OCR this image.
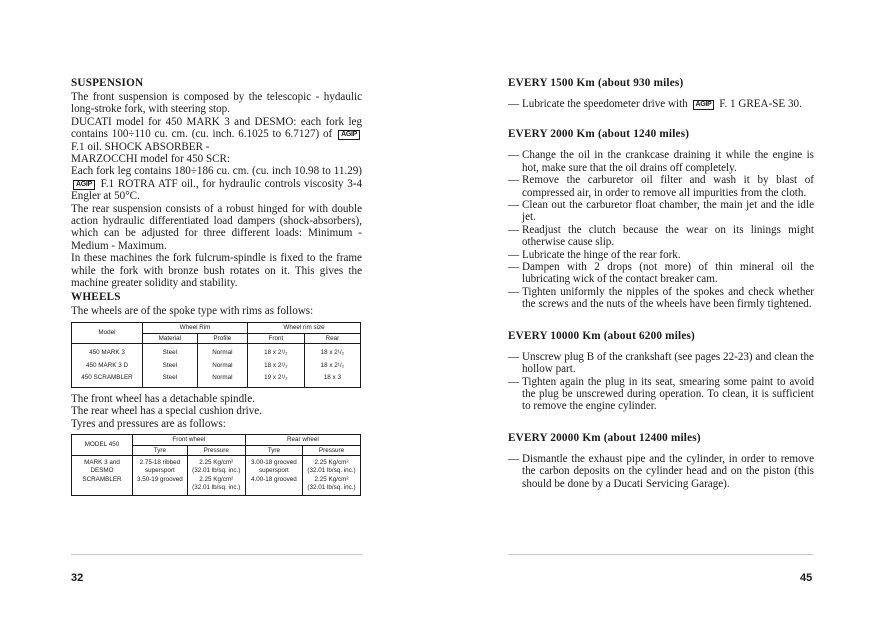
SUSPENSION

The front suspension is composed by the telescopic - hydaulic long-stroke fork, with steering stop.

DUCATI model for 450 MARK 3 and DESMO: each fork leg contains 100÷110 cu. cm. (cu. inch. 6.1025 to 6.7127) of AGIP F.1 oil. SHOCK ABSORBER -

MARZOCCHI model for 450 SCR:

Each fork leg contains 180÷186 cu. cm. (cu. inch 10.98 to 11.29) AGIP F.1 ROTRA ATF oil., for hydraulic controls viscosity 3-4 Engler at 50°C.

The rear suspension consists of a robust hinged for with double action hydraulic differentiated load dampers (shock-absorbers), which can be adjusted for three different loads: Minimum - Medium - Maximum.

In these machines the fork fulcrum-spindle is fixed to the frame while the fork with bronze bush rotates on it. This gives the machine greater solidity and stability.

WHEELS

The wheels are of the spoke type with rims as follows:

Model	Wheel Rim		Wheel rim size	
	Material	Profile	Front	Rear
450 MARK 3	Steel	Normal	18 x 2¹/₂	18 x 2¹/₂
450 MARK 3 D	Steel	Normal	18 x 2¹/₂	18 x 2¹/₂
450 SCRAMBLER	Steel	Normal	19 x 2¹/₂	18 x 3

The front wheel has a detachable spindle.

The rear wheel has a special cushion drive.

Tyres and pressures are as follows:

MODEL 450	Front wheel		Rear wheel	
	Tyre	Pressure	Tyre	Pressure
MARK 3 and DESMO	2.75-18 ribbed supersport	2.25 Kg/cm² (32.01 lb/sq. inc.)	3.00-18 grooved supersport	2.25 Kg/cm² (32.01 lb/sq. inc.)
SCRAMBLER	3.50-19 grooved	2.25 Kg/cm² (32.01 lb/sq. inc.)	4.00-18 grooved	2.25 Kg/cm² (32.01 lb/sq. inc.)
32

EVERY 1500 Km (about 930 miles)

— Lubricate the speedometer drive with AGIP F. 1 GREA-SE 30.

EVERY 2000 Km (about 1240 miles)

— Change the oil in the crankcase draining it while the engine is hot, make sure that the oil drains off completely.
— Remove the carburetor oil filter and wash it by blast of compressed air, in order to remove all impurities from the cloth.
— Clean out the carburetor float chamber, the main jet and the idle jet.
— Readjust the clutch because the wear on its linings might otherwise cause slip.
— Lubricate the hinge of the rear fork.
— Dampen with 2 drops (not more) of thin mineral oil the lubricating wick of the contact breaker cam.
— Tighten uniformly the nipples of the spokes and check whether the screws and the nuts of the wheels have been firmly tightened.

EVERY 10000 Km (about 6200 miles)

— Unscrew plug B of the crankshaft (see pages 22-23) and clean the hollow part.
— Tighten again the plug in its seat, smearing some paint to avoid the plug be unscrewed during operation. To clean, it is sufficient to remove the engine cylinder.

EVERY 20000 Km (about 12400 miles)

— Dismantle the exhaust pipe and the cylinder, in order to remove the carbon deposits on the cylinder head and on the piston (this should be done by a Ducati Servicing Garage).
45
